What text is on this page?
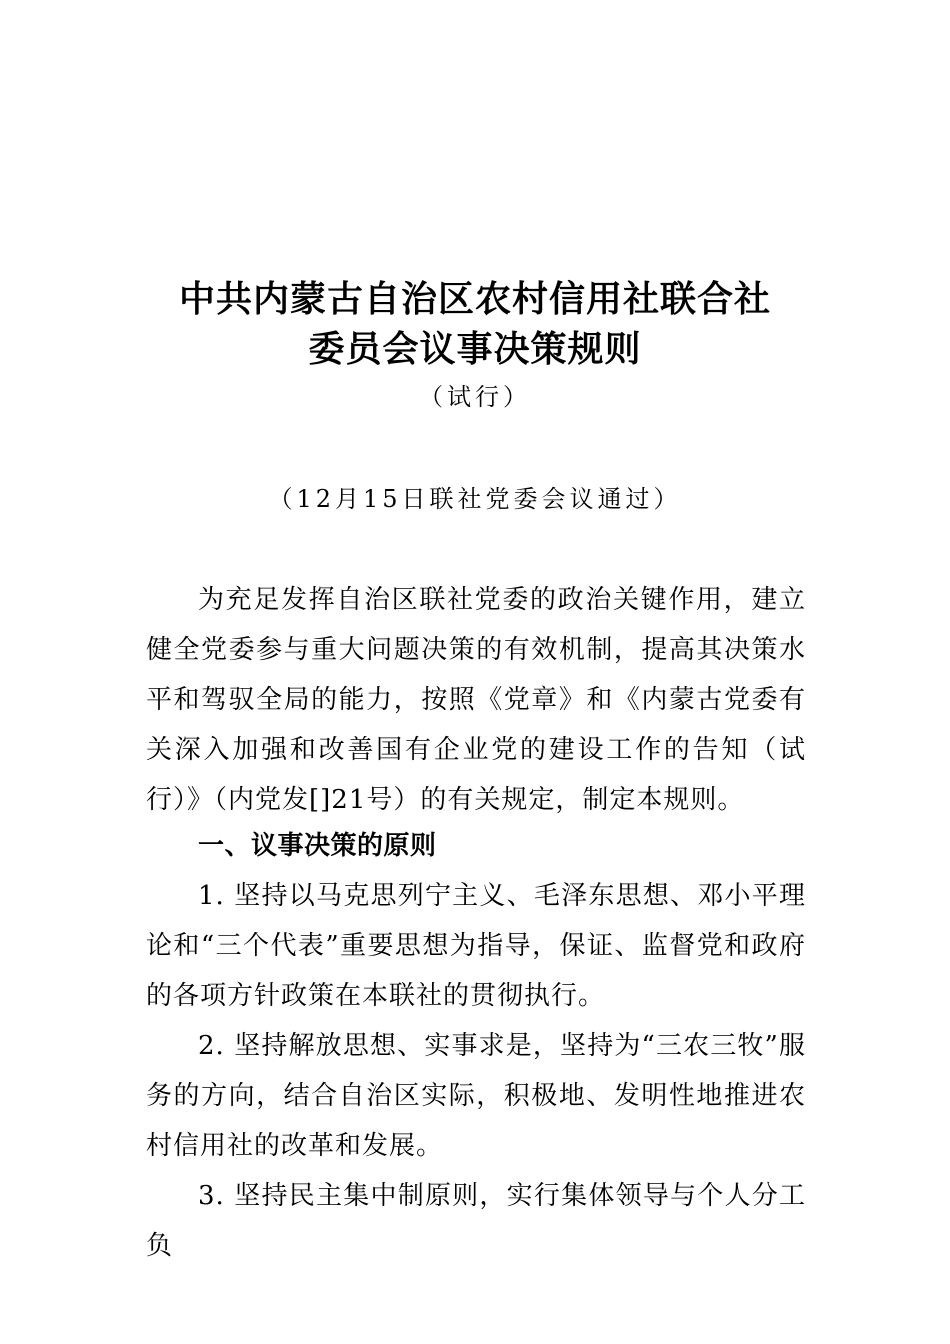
中共内蒙古自治区农村信用社联合社
委员会议事决策规则
（试行）
（12月15日联社党委会议通过）

为充足发挥自治区联社党委的政治关键作用，建立健全党委参与重大问题决策的有效机制，提高其决策水平和驾驭全局的能力，按照《党章》和《内蒙古党委有关深入加强和改善国有企业党的建设工作的告知（试行）》（内党发[]21号）的有关规定，制定本规则。

一、议事决策的原则

1. 坚持以马克思列宁主义、毛泽东思想、邓小平理论和“三个代表”重要思想为指导，保证、监督党和政府的各项方针政策在本联社的贯彻执行。

2. 坚持解放思想、实事求是，坚持为“三农三牧”服务的方向，结合自治区实际，积极地、发明性地推进农村信用社的改革和发展。

3. 坚持民主集中制原则，实行集体领导与个人分工负
